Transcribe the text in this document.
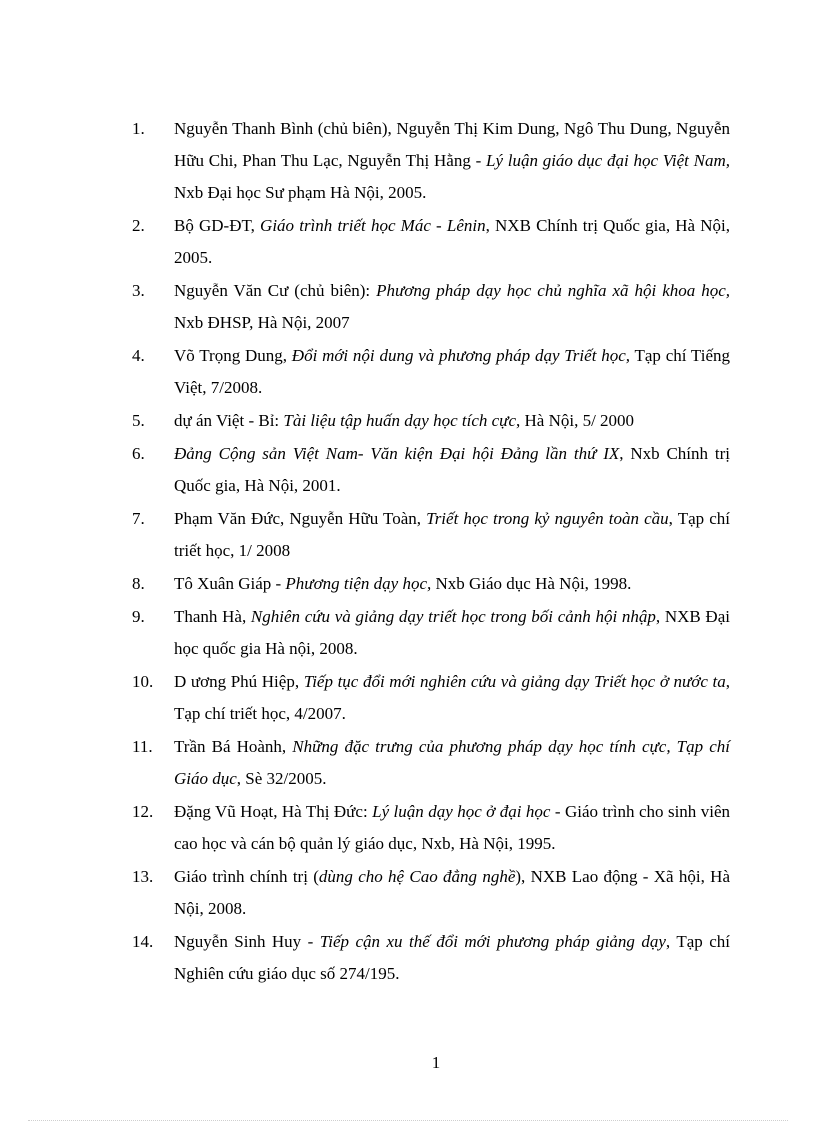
1. Nguyễn Thanh Bình (chủ biên), Nguyễn Thị Kim Dung, Ngô Thu Dung, Nguyễn Hữu Chi, Phan Thu Lạc, Nguyễn Thị Hằng - Lý luận giáo dục đại học Việt Nam, Nxb Đại học Sư phạm Hà Nội, 2005.
2. Bộ GD-ĐT, Giáo trình triết học Mác - Lênin, NXB Chính trị Quốc gia, Hà Nội, 2005.
3. Nguyễn Văn Cư (chủ biên): Phương pháp dạy học chủ nghĩa xã hội khoa học, Nxb ĐHSP, Hà Nội, 2007
4. Võ Trọng Dung, Đổi mới nội dung và phương pháp dạy Triết học, Tạp chí Tiếng Việt, 7/2008.
5. dự án Việt - Bỉ: Tài liệu tập huấn dạy học tích cực, Hà Nội, 5/ 2000
6. Đảng Cộng sản Việt Nam- Văn kiện Đại hội Đảng lần thứ IX, Nxb Chính trị Quốc gia, Hà Nội, 2001.
7. Phạm Văn Đức, Nguyễn Hữu Toàn, Triết học trong kỷ nguyên toàn cầu, Tạp chí triết học, 1/ 2008
8. Tô Xuân Giáp - Phương tiện dạy học, Nxb Giáo dục Hà Nội, 1998.
9. Thanh Hà, Nghiên cứu và giảng dạy triết học trong bối cảnh hội nhập, NXB Đại học quốc gia Hà nội, 2008.
10. D ương Phú Hiệp, Tiếp tục đổi mới nghiên cứu và giảng dạy Triết học ở nước ta, Tạp chí triết học, 4/2007.
11. Trần Bá Hoành, Những đặc trưng của phương pháp dạy học tính cực, Tạp chí Giáo dục, Sè 32/2005.
12. Đặng Vũ Hoạt, Hà Thị Đức: Lý luận dạy học ở đại học - Giáo trình cho sinh viên cao học và cán bộ quản lý giáo dục, Nxb, Hà Nội, 1995.
13. Giáo trình chính trị (dùng cho hệ Cao đẳng nghề), NXB Lao động - Xã hội, Hà Nội, 2008.
14. Nguyễn Sinh Huy - Tiếp cận xu thế đổi mới phương pháp giảng dạy, Tạp chí Nghiên cứu giáo dục số 274/195.
1
